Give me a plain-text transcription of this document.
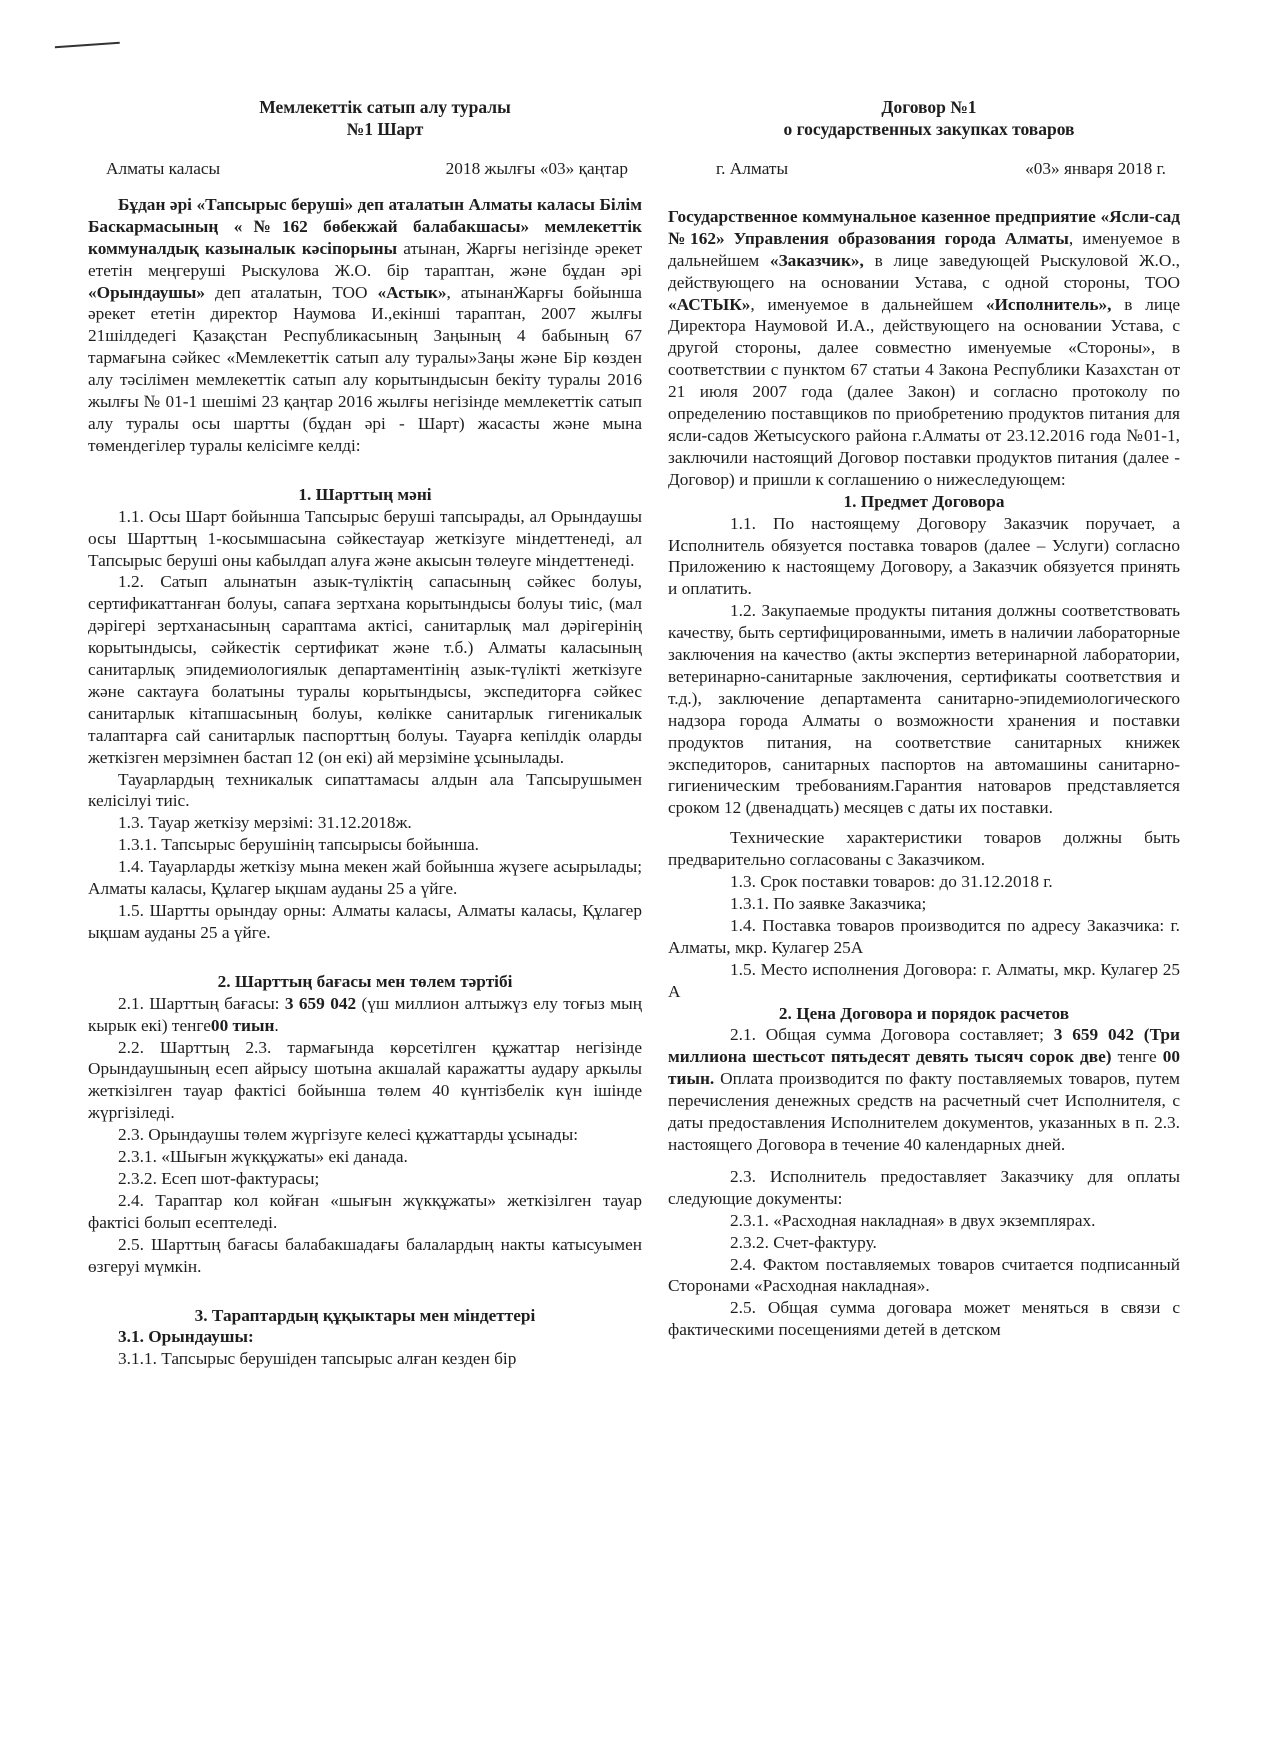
Мемлекеттік сатып алу туралы
№1 Шарт
Алматы каласы	2018 жылғы «03» қаңтар

Бұдан әрі «Тапсырыс беруші» деп аталатын Алматы каласы Білім Баскармасының «№162 бөбекжай балабакшасы» мемлекеттік коммуналдық казыналык кәсіпорыны атынан, Жарғы негізінде әрекет ететін меңгеруші Рыскулова Ж.О. бір тараптан, және бұдан әрі «Орындаушы» деп аталатын, ТОО «Астык», атынанЖарғы бойынша әрекет ететін директор Наумова И.,екінші тараптан, 2007 жылғы 21шілдедегі Қазақстан Республикасының Заңының 4 бабының 67 тармағына сәйкес «Мемлекеттік сатып алу туралы»Заңы және Бір көзден алу тәсілімен мемлекеттік сатып алу корытындысын бекіту туралы 2016 жылғы № 01-1 шешімі 23 қаңтар 2016 жылғы негізінде мемлекеттік сатып алу туралы осы шартты (бұдан әрі - Шарт) жасасты және мына төмендегілер туралы келісімге келді:

1. Шарттың мәні

1.1. Осы Шарт бойынша Тапсырыс беруші тапсырады, ал Орындаушы осы Шарттың 1-косымшасына сәйкестауар жеткізуге міндеттенеді, ал Тапсырыс беруші оны кабылдап алуға және акысын төлеуге міндеттенеді.

1.2. Сатып алынатын азык-түліктің сапасының сәйкес болуы, сертификаттанған болуы, сапаға зертхана корытындысы болуы тиіс, (мал дәрігері зертханасының сараптама актісі, санитарлық мал дәрігерінің корытындысы, сәйкестік сертификат және т.б.) Алматы каласының санитарлық эпидемиологиялык департаментінің азык-түлікті жеткізуге және сактауға болатыны туралы корытындысы, экспедиторға сәйкес санитарлык кітапшасының болуы, көлікке санитарлык гигеникалык талаптарға сай санитарлык паспорттың болуы. Тауарға кепілдік оларды жеткізген мерзімнен бастап 12 (он екі) ай мерзіміне ұсынылады.

Тауарлардың техникалык сипаттамасы алдын ала Тапсырушымен келісілуі тиіс.

1.3. Тауар жеткізу мерзімі: 31.12.2018ж.

1.3.1. Тапсырыс берушінің тапсырысы бойынша.

1.4. Тауарларды жеткізу мына мекен жай бойынша жүзеге асырылады; Алматы каласы, Құлагер ықшам ауданы 25 а үйге.

1.5. Шартты орындау орны: Алматы каласы, Алматы каласы, Құлагер ықшам ауданы 25 а үйге.

2. Шарттың бағасы мен төлем тәртібі

2.1. Шарттың бағасы: 3 659 042 (үш миллион алтыжүз елу тоғыз мың кырык екі) тенге00 тиын.

2.2. Шарттың 2.3. тармағында көрсетілген құжаттар негізінде Орындаушының есеп айрысу шотына акшалай каражатты аудару аркылы жеткізілген тауар фактісі бойынша төлем 40 күнтізбелік күн ішінде жүргізіледі.

2.3. Орындаушы төлем жүргізуге келесі құжаттарды ұсынады:

2.3.1. «Шығын жүкқұжаты» екі данада.

2.3.2. Есеп шот-фактурасы;

2.4. Тараптар кол койған «шығын жүкқұжаты» жеткізілген тауар фактісі болып есептеледі.

2.5. Шарттың бағасы балабакшадағы балалардың накты катысуымен өзгеруі мүмкін.

3. Тараптардың құқыктары мен міндеттері

3.1. Орындаушы:

3.1.1. Тапсырыс берушіден тапсырыс алған кезден бір

Договор №1
о государственных закупках товаров
г. Алматы	«03» января 2018 г.

Государственное коммунальное казенное предприятие «Ясли-сад №162» Управления образования города Алматы, именуемое в дальнейшем «Заказчик», в лице заведующей Рыскуловой Ж.О., действующего на основании Устава, с одной стороны, ТОО «АСТЫК», именуемое в дальнейшем «Исполнитель», в лице Директора Наумовой И.А., действующего на основании Устава, с другой стороны, далее совместно именуемые «Стороны», в соответствии с пунктом 67 статьи 4 Закона Республики Казахстан от 21 июля 2007 года (далее Закон) и согласно протоколу по определению поставщиков по приобретению продуктов питания для ясли-садов Жетысуского района г.Алматы от 23.12.2016 года №01-1, заключили настоящий Договор поставки продуктов питания (далее - Договор) и пришли к соглашению о нижеследующем:

1. Предмет Договора

1.1. По настоящему Договору Заказчик поручает, а Исполнитель обязуется поставка товаров (далее – Услуги) согласно Приложению к настоящему Договору, а Заказчик обязуется принять и оплатить.

1.2. Закупаемые продукты питания должны соответствовать качеству, быть сертифицированными, иметь в наличии лабораторные заключения на качество (акты экспертиз ветеринарной лаборатории, ветеринарно-санитарные заключения, сертификаты соответствия и т.д.), заключение департамента санитарно-эпидемиологического надзора города Алматы о возможности хранения и поставки продуктов питания, на соответствие санитарных книжек экспедиторов, санитарных паспортов на автомашины санитарно-гигиеническим требованиям.Гарантия натоваров представляется сроком 12 (двенадцать) месяцев с даты их поставки.

Технические характеристики товаров должны быть предварительно согласованы с Заказчиком.

1.3. Срок поставки товаров: до 31.12.2018 г.

1.3.1. По заявке Заказчика;

1.4. Поставка товаров производится по адресу Заказчика: г. Алматы, мкр. Кулагер 25А

1.5. Место исполнения Договора: г. Алматы, мкр. Кулагер 25 А

2. Цена Договора и порядок расчетов

2.1. Общая сумма Договора составляет; 3 659 042 (Три миллиона шестьсот пятьдесят девять тысяч сорок две) тенге 00 тиын. Оплата производится по факту поставляемых товаров, путем перечисления денежных средств на расчетный счет Исполнителя, с даты предоставления Исполнителем документов, указанных в п. 2.3. настоящего Договора в течение 40 календарных дней.

2.3. Исполнитель предоставляет Заказчику для оплаты следующие документы:

2.3.1. «Расходная накладная» в двух экземплярах.

2.3.2. Счет-фактуру.

2.4. Фактом поставляемых товаров считается подписанный Сторонами «Расходная накладная».

2.5. Общая сумма договара может меняться в связи с фактическими посещениями детей в детском
